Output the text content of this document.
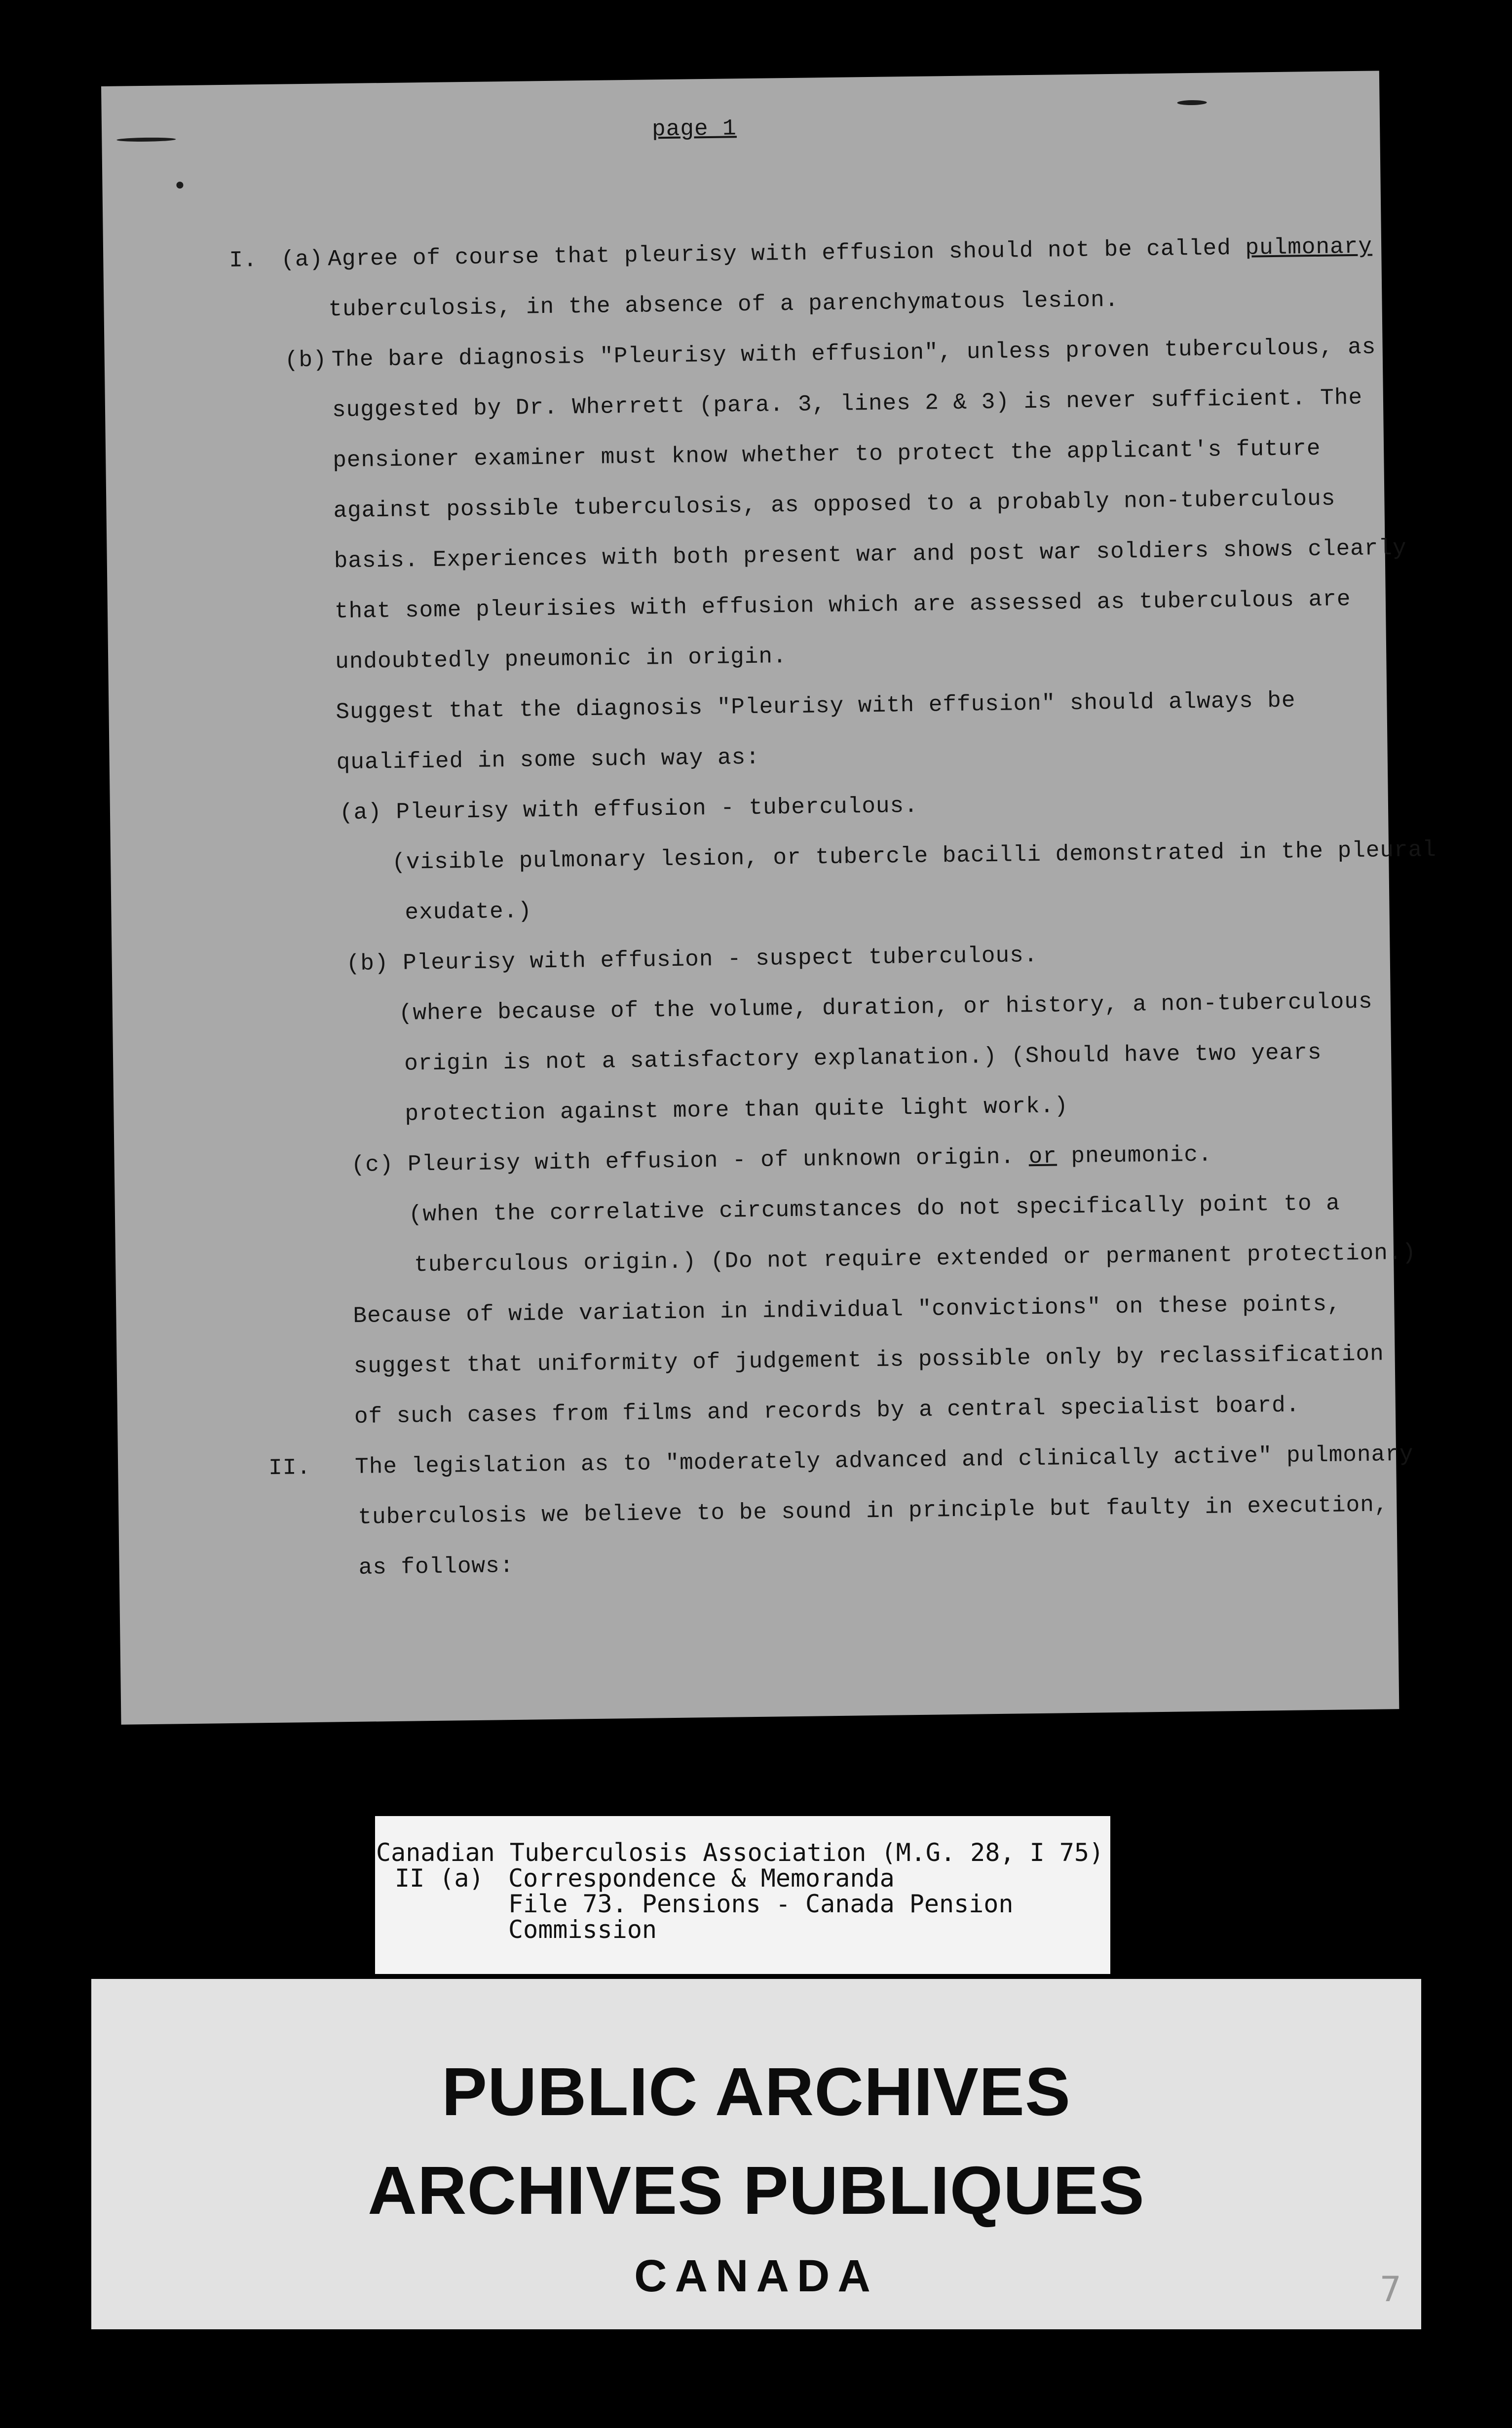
page 1
I. (a) Agree of course that pleurisy with effusion should not be called pulmonary
tuberculosis, in the absence of a parenchymatous lesion.
(b) The bare diagnosis "Pleurisy with effusion", unless proven tuberculous, as
suggested by Dr. Wherrett (para. 3, lines 2 & 3) is never sufficient. The
pensioner examiner must know whether to protect the applicant's future
against possible tuberculosis, as opposed to a probably non-tuberculous
basis. Experiences with both present war and post war soldiers shows clearly
that some pleurisies with effusion which are assessed as tuberculous are
undoubtedly pneumonic in origin.
Suggest that the diagnosis "Pleurisy with effusion" should always be
qualified in some such way as:
(a) Pleurisy with effusion - tuberculous.
(visible pulmonary lesion, or tubercle bacilli demonstrated in the pleural
exudate.)
(b) Pleurisy with effusion - suspect tuberculous.
(where because of the volume, duration, or history, a non-tuberculous
origin is not a satisfactory explanation.) (Should have two years
protection against more than quite light work.)
(c) Pleurisy with effusion - of unknown origin. or pneumonic.
(when the correlative circumstances do not specifically point to a
tuberculous origin.) (Do not require extended or permanent protection.)
Because of wide variation in individual "convictions" on these points,
suggest that uniformity of judgement is possible only by reclassification
of such cases from films and records by a central specialist board.
II. The legislation as to "moderately advanced and clinically active" pulmonary
tuberculosis we believe to be sound in principle but faulty in execution,
as follows:
Canadian Tuberculosis Association (M.G. 28, I 75)
II (a) Correspondence & Memoranda
File 73. Pensions - Canada Pension
Commission
PUBLIC ARCHIVES
ARCHIVES PUBLIQUES
CANADA	7
